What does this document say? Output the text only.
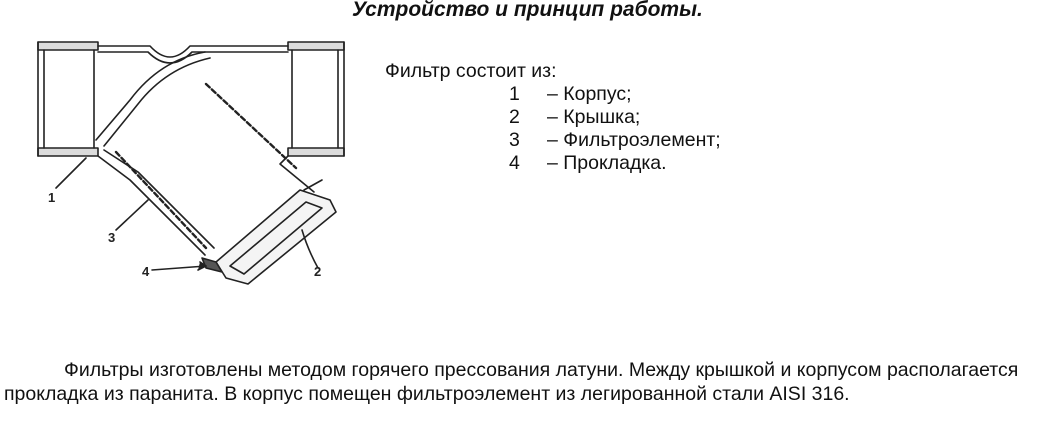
Устройство и принцип работы.
1
3
4	2
Фильтр состоит из:
1 – Корпус;
2 – Крышка;
3 – Фильтроэлемент;
4 – Прокладка.

Фильтры изготовлены методом горячего прессования латуни. Между крышкой и корпусом располагается прокладка из паранита. В корпус помещен фильтроэлемент из легированной стали AISI 316.
